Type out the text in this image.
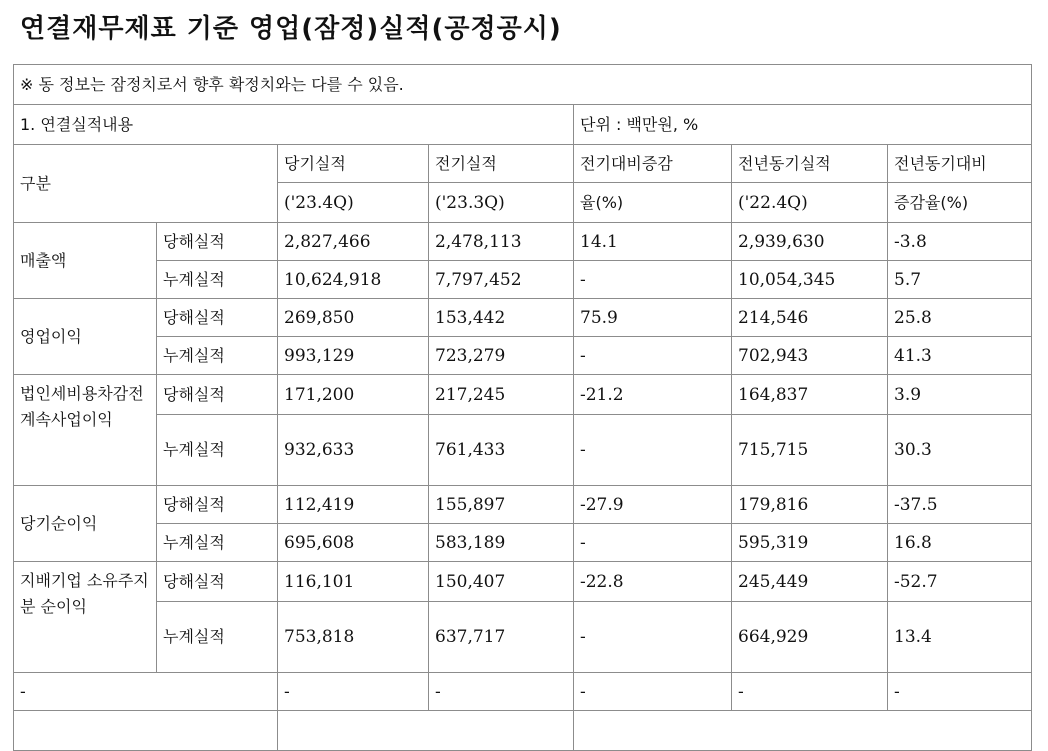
연결재무제표 기준 영업(잠정)실적(공정공시)
※ 동 정보는 잠정치로서 향후 확정치와는 다를 수 있음.						
1. 연결실적내용				단위 : 백만원, %		
구분		당기실적	전기실적	전기대비증감	전년동기실적	전년동기대비
		('23.4Q)	('23.3Q)	율(%)	('22.4Q)	증감율(%)
매출액	당해실적	2,827,466	2,478,113	14.1	2,939,630	-3.8
	누계실적	10,624,918	7,797,452	-	10,054,345	5.7
영업이익	당해실적	269,850	153,442	75.9	214,546	25.8
	누계실적	993,129	723,279	-	702,943	41.3
법인세비용차감전계속사업이익	당해실적	171,200	217,245	-21.2	164,837	3.9
	누계실적	932,633	761,433	-	715,715	30.3
당기순이익	당해실적	112,419	155,897	-27.9	179,816	-37.5
	누계실적	695,608	583,189	-	595,319	16.8
지배기업 소유주지분 순이익	당해실적	116,101	150,407	-22.8	245,449	-52.7
	누계실적	753,818	637,717	-	664,929	13.4
-		-	-	-	-	-
